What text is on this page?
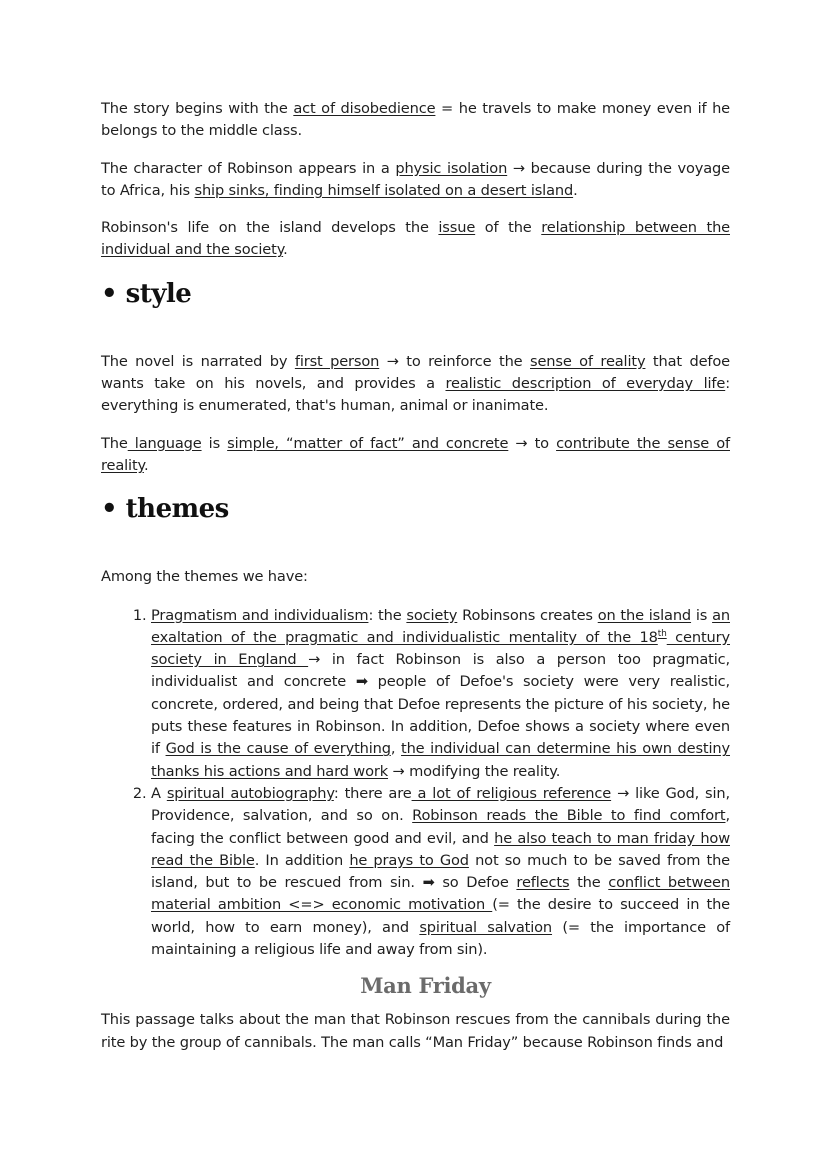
The story begins with the act of disobedience = he travels to make money even if he belongs to the middle class.

The character of Robinson appears in a physic isolation → because during the voyage to Africa, his ship sinks, finding himself isolated on a desert island.

Robinson's life on the island develops the issue of the relationship between the individual and the society.

• style

The novel is narrated by first person → to reinforce the sense of reality that defoe wants take on his novels, and provides a realistic description of everyday life: everything is enumerated, that's human, animal or inanimate.

The language is simple, “matter of fact” and concrete → to contribute the sense of reality.

• themes

Among the themes we have:

1. Pragmatism and individualism: the society Robinsons creates on the island is an exaltation of the pragmatic and individualistic mentality of the 18th century society in England → in fact Robinson is also a person too pragmatic, individualist and concrete ➡ people of Defoe's society were very realistic, concrete, ordered, and being that Defoe represents the picture of his society, he puts these features in Robinson. In addition, Defoe shows a society where even if God is the cause of everything, the individual can determine his own destiny thanks his actions and hard work → modifying the reality.
2. A spiritual autobiography: there are a lot of religious reference → like God, sin, Providence, salvation, and so on. Robinson reads the Bible to find comfort, facing the conflict between good and evil, and he also teach to man friday how read the Bible. In addition he prays to God not so much to be saved from the island, but to be rescued from sin. ➡ so Defoe reflects the conflict between material ambition <=> economic motivation (= the desire to succeed in the world, how to earn money), and spiritual salvation (= the importance of maintaining a religious life and away from sin).
Man Friday

This passage talks about the man that Robinson rescues from the cannibals during the rite by the group of cannibals. The man calls “Man Friday” because Robinson finds and
